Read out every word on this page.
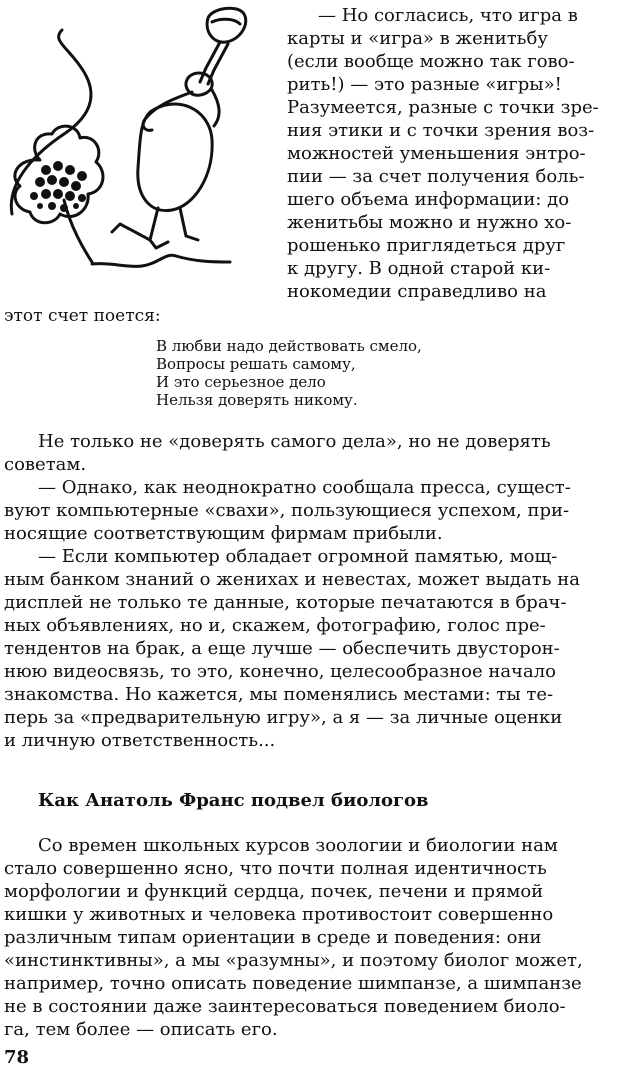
— Но согласись, что игра в
карты и «игра» в женитьбу
(если вообще можно так гово-
рить!) — это разные «игры»!
Разумеется, разные с точки зре-
ния этики и с точки зрения воз-
можностей уменьшения энтро-
пии — за счет получения боль-
шего объема информации: до
женитьбы можно и нужно хо-
рошенько приглядеться друг
к другу. В одной старой ки-
нокомедии справедливо на
этот счет поется:
В любви надо действовать смело,
Вопросы решать самому,
И это серьезное дело
Нельзя доверять никому.
Не только не «доверять самого дела», но не доверять
советам.
— Однако, как неоднократно сообщала пресса, сущест-
вуют компьютерные «свахи», пользующиеся успехом, при-
носящие соответствующим фирмам прибыли.
— Если компьютер обладает огромной памятью, мощ-
ным банком знаний о женихах и невестах, может выдать на
дисплей не только те данные, которые печатаются в брач-
ных объявлениях, но и, скажем, фотографию, голос пре-
тендентов на брак, а еще лучше — обеспечить двусторон-
нюю видеосвязь, то это, конечно, целесообразное начало
знакомства. Но кажется, мы поменялись местами: ты те-
перь за «предварительную игру», а я — за личные оценки
и личную ответственность...
Как Анатоль Франс подвел биологов
Со времен школьных курсов зоологии и биологии нам
стало совершенно ясно, что почти полная идентичность
морфологии и функций сердца, почек, печени и прямой
кишки у животных и человека противостоит совершенно
различным типам ориентации в среде и поведения: они
«инстинктивны», а мы «разумны», и поэтому биолог может,
например, точно описать поведение шимпанзе, а шимпанзе
не в состоянии даже заинтересоваться поведением биоло-
га, тем более — описать его.
78
